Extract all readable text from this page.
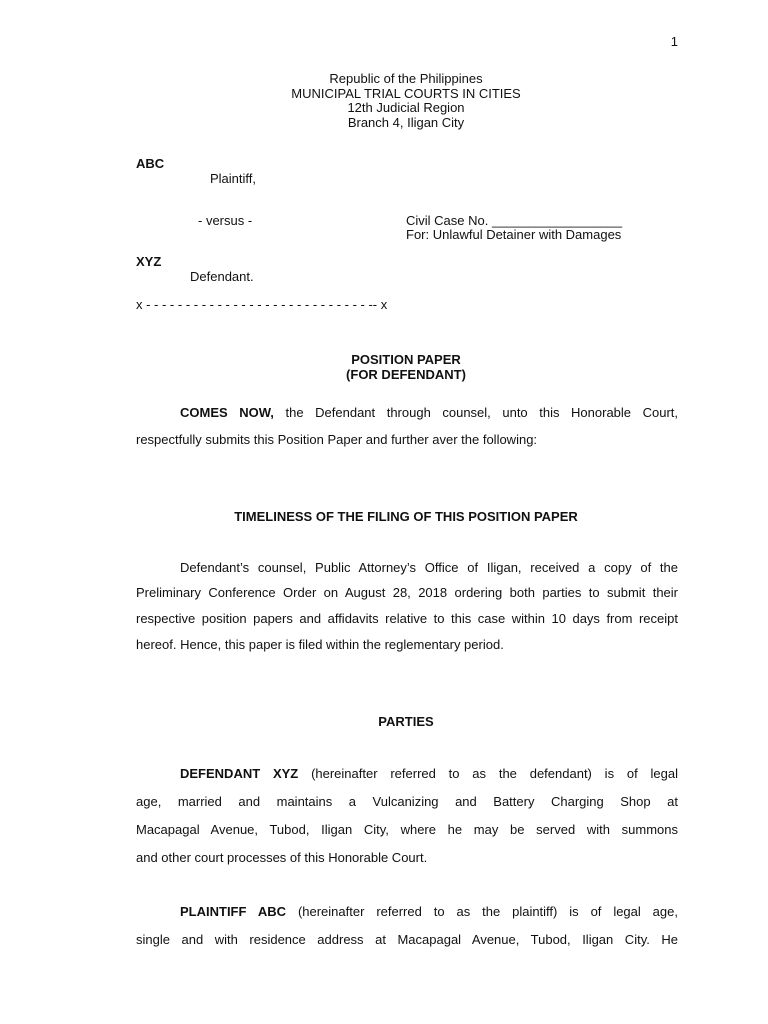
1
Republic of the Philippines
MUNICIPAL TRIAL COURTS IN CITIES
12th Judicial Region
Branch 4, Iligan City
ABC
Plaintiff,
- versus -	Civil Case No. __________________
For: Unlawful Detainer with Damages
XYZ
Defendant.
x - - - - - - - - - - - - - - - - - - - - - - - - - - - - -- x
POSITION PAPER
(FOR DEFENDANT)
COMES NOW, the Defendant through counsel, unto this Honorable Court,
respectfully submits this Position Paper and further aver the following:
TIMELINESS OF THE FILING OF THIS POSITION PAPER
Defendant’s counsel, Public Attorney’s Office of Iligan, received a copy of the
Preliminary Conference Order on August 28, 2018 ordering both parties to submit their
respective position papers and affidavits relative to this case within 10 days from receipt
hereof. Hence, this paper is filed within the reglementary period.
PARTIES
DEFENDANT XYZ (hereinafter referred to as the defendant) is of legal
age, married and maintains a Vulcanizing and Battery Charging Shop at
Macapagal Avenue, Tubod, Iligan City, where he may be served with summons
and other court processes of this Honorable Court.
PLAINTIFF ABC (hereinafter referred to as the plaintiff) is of legal age,
single and with residence address at Macapagal Avenue, Tubod, Iligan City. He
